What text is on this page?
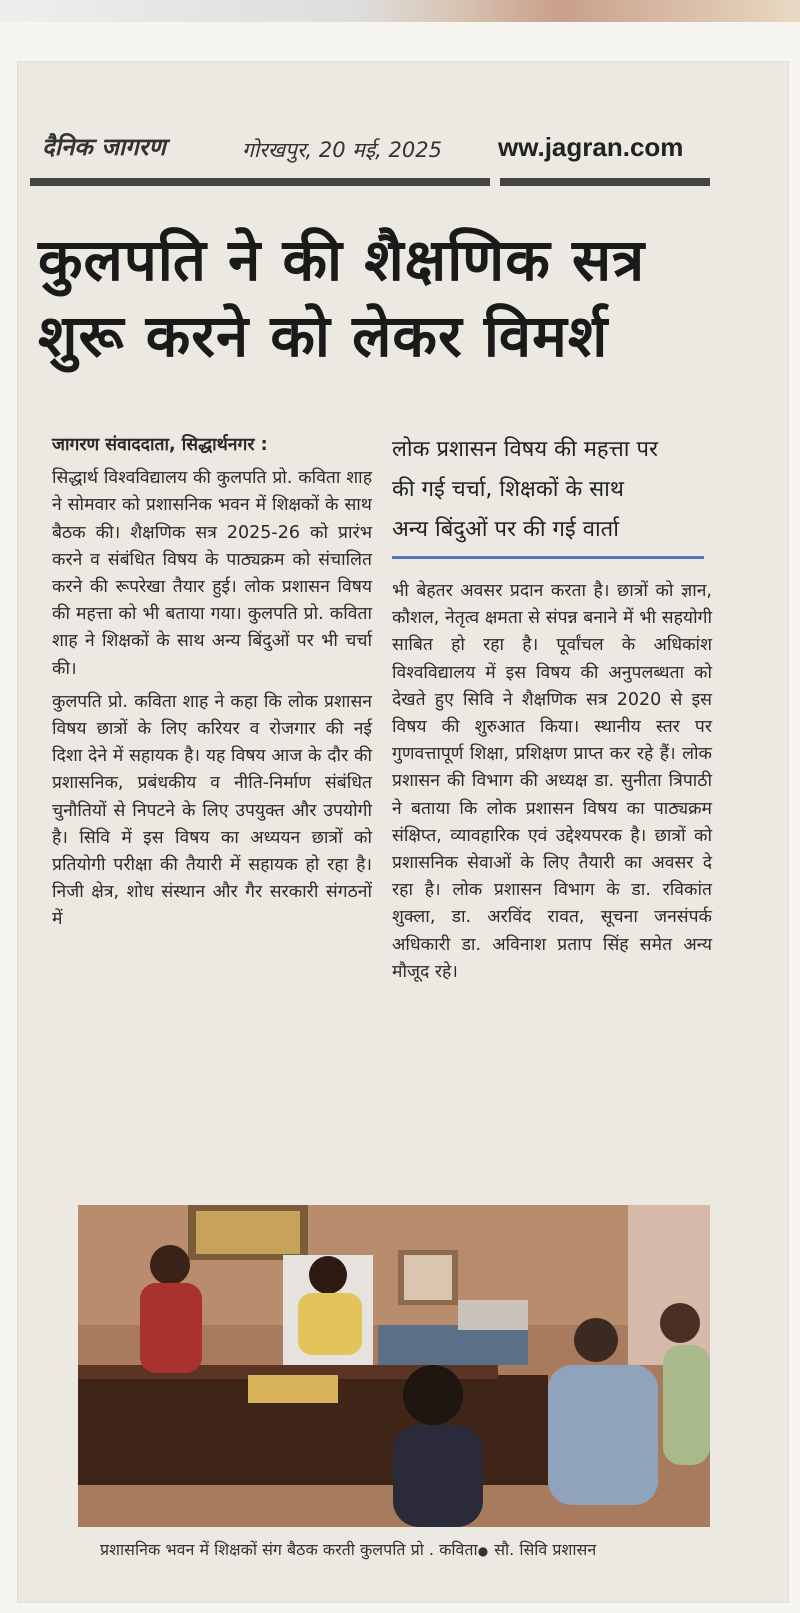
दैनिक जागरण	गोरखपुर, 20 मई, 2025 ww.jagran.com
कुलपति ने की शैक्षणिक सत्र
शुरू करने को लेकर विमर्श

जागरण संवाददाता, सिद्धार्थनगर :

सिद्धार्थ विश्वविद्यालय की कुलपति प्रो. कविता शाह ने सोमवार को प्रशासनिक भवन में शिक्षकों के साथ बैठक की। शैक्षणिक सत्र 2025-26 को प्रारंभ करने व संबंधित विषय के पाठ्यक्रम को संचालित करने की रूपरेखा तैयार हुई। लोक प्रशासन विषय की महत्ता को भी बताया गया। कुलपति प्रो. कविता शाह ने शिक्षकों के साथ अन्य बिंदुओं पर भी चर्चा की।

कुलपति प्रो. कविता शाह ने कहा कि लोक प्रशासन विषय छात्रों के लिए करियर व रोजगार की नई दिशा देने में सहायक है। यह विषय आज के दौर की प्रशासनिक, प्रबंधकीय व नीति-निर्माण संबंधित चुनौतियों से निपटने के लिए उपयुक्त और उपयोगी है। सिवि में इस विषय का अध्ययन छात्रों को प्रतियोगी परीक्षा की तैयारी में सहायक हो रहा है। निजी क्षेत्र, शोध संस्थान और गैर सरकारी संगठनों में

लोक प्रशासन विषय की महत्ता पर
की गई चर्चा, शिक्षकों के साथ
अन्य बिंदुओं पर की गई वार्ता

भी बेहतर अवसर प्रदान करता है। छात्रों को ज्ञान, कौशल, नेतृत्व क्षमता से संपन्न बनाने में भी सहयोगी साबित हो रहा है। पूर्वांचल के अधिकांश विश्वविद्यालय में इस विषय की अनुपलब्धता को देखते हुए सिवि ने शैक्षणिक सत्र 2020 से इस विषय की शुरुआत किया। स्थानीय स्तर पर गुणवत्तापूर्ण शिक्षा, प्रशिक्षण प्राप्त कर रहे हैं। लोक प्रशासन की विभाग की अध्यक्ष डा. सुनीता त्रिपाठी ने बताया कि लोक प्रशासन विषय का पाठ्यक्रम संक्षिप्त, व्यावहारिक एवं उद्देश्यपरक है। छात्रों को प्रशासनिक सेवाओं के लिए तैयारी का अवसर दे रहा है। लोक प्रशासन विभाग के डा. रविकांत शुक्ला, डा. अरविंद रावत, सूचना जनसंपर्क अधिकारी डा. अविनाश प्रताप सिंह समेत अन्य मौजूद रहे।

प्रशासनिक भवन में शिक्षकों संग बैठक करती कुलपति प्रो . कविता● सौ. सिवि प्रशासन
